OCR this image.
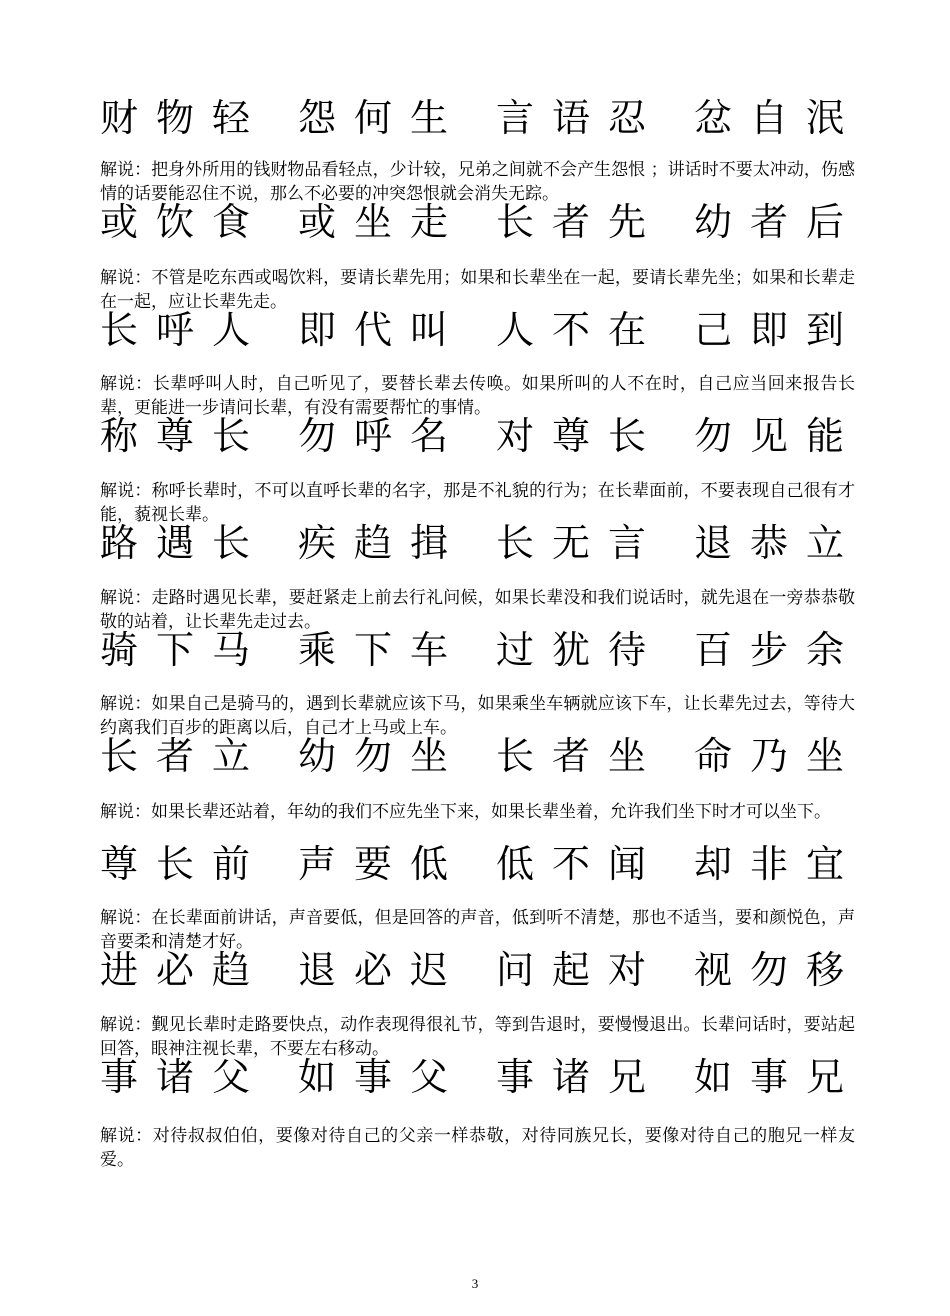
财物轻 怨何生 言语忍 忿自泯
解说：把身外所用的钱财物品看轻点，少计较，兄弟之间就不会产生怨恨 ；讲话时不要太冲动，伤感情的话要能忍住不说，那么不必要的冲突怨恨就会消失无踪。
或饮食 或坐走 长者先 幼者后
解说：不管是吃东西或喝饮料，要请长辈先用；如果和长辈坐在一起，要请长辈先坐；如果和长辈走在一起，应让长辈先走。
长呼人 即代叫 人不在 己即到
解说：长辈呼叫人时，自己听见了，要替长辈去传唤。如果所叫的人不在时，自己应当回来报告长辈，更能进一步请问长辈，有没有需要帮忙的事情。
称尊长 勿呼名 对尊长 勿见能
解说：称呼长辈时，不可以直呼长辈的名字，那是不礼貌的行为；在长辈面前，不要表现自己很有才能，藐视长辈。
路遇长 疾趋揖 长无言 退恭立
解说：走路时遇见长辈，要赶紧走上前去行礼问候，如果长辈没和我们说话时，就先退在一旁恭恭敬敬的站着，让长辈先走过去。
骑下马 乘下车 过犹待 百步余
解说：如果自己是骑马的，遇到长辈就应该下马，如果乘坐车辆就应该下车，让长辈先过去，等待大约离我们百步的距离以后，自己才上马或上车。
长者立 幼勿坐 长者坐 命乃坐
解说：如果长辈还站着，年幼的我们不应先坐下来，如果长辈坐着，允许我们坐下时才可以坐下。
尊长前 声要低 低不闻 却非宜
解说：在长辈面前讲话，声音要低，但是回答的声音，低到听不清楚，那也不适当，要和颜悦色，声音要柔和清楚才好。
进必趋 退必迟 问起对 视勿移
解说：觐见长辈时走路要快点，动作表现得很礼节，等到告退时，要慢慢退出。长辈问话时，要站起回答，眼神注视长辈，不要左右移动。
事诸父 如事父 事诸兄 如事兄
解说：对待叔叔伯伯，要像对待自己的父亲一样恭敬，对待同族兄长，要像对待自己的胞兄一样友爱。
3
